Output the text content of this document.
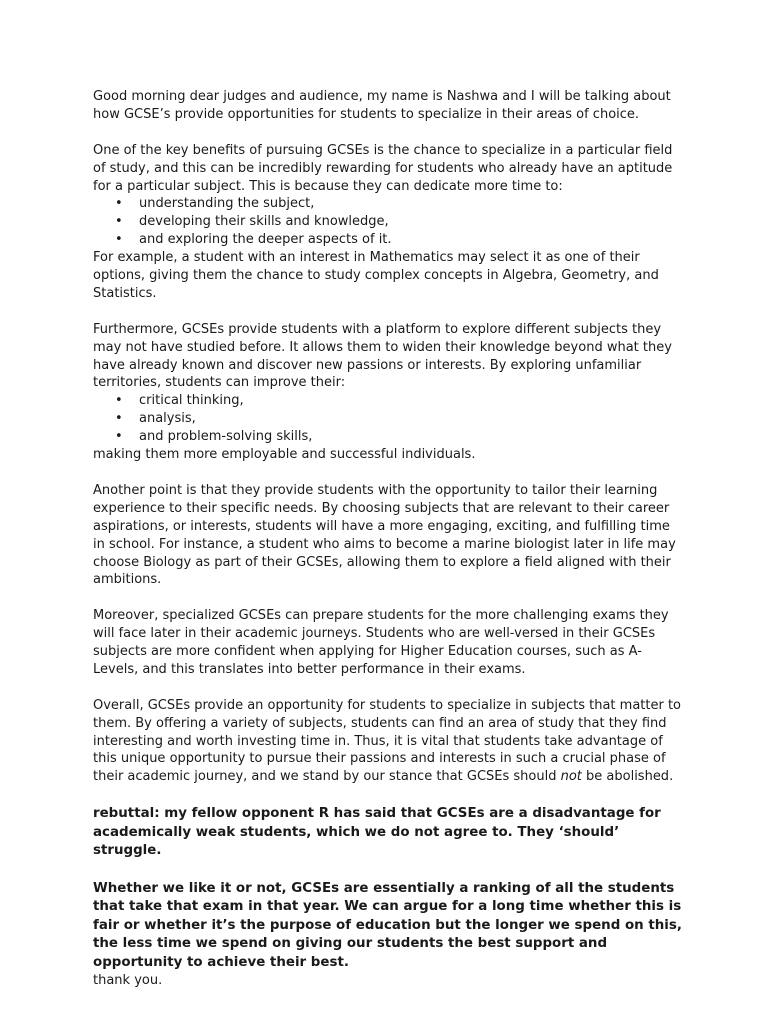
Good morning dear judges and audience, my name is Nashwa and I will be talking about how GCSE’s provide opportunities for students to specialize in their areas of choice.

One of the key benefits of pursuing GCSEs is the chance to specialize in a particular field of study, and this can be incredibly rewarding for students who already have an aptitude for a particular subject. This is because they can dedicate more time to:

• understanding the subject,
• developing their skills and knowledge,
• and exploring the deeper aspects of it.

For example, a student with an interest in Mathematics may select it as one of their options, giving them the chance to study complex concepts in Algebra, Geometry, and Statistics.

Furthermore, GCSEs provide students with a platform to explore different subjects they may not have studied before. It allows them to widen their knowledge beyond what they have already known and discover new passions or interests. By exploring unfamiliar territories, students can improve their:

• critical thinking,
• analysis,
• and problem-solving skills,

making them more employable and successful individuals.

Another point is that they provide students with the opportunity to tailor their learning experience to their specific needs. By choosing subjects that are relevant to their career aspirations, or interests, students will have a more engaging, exciting, and fulfilling time in school. For instance, a student who aims to become a marine biologist later in life may choose Biology as part of their GCSEs, allowing them to explore a field aligned with their ambitions.

Moreover, specialized GCSEs can prepare students for the more challenging exams they will face later in their academic journeys. Students who are well-versed in their GCSEs subjects are more confident when applying for Higher Education courses, such as A-Levels, and this translates into better performance in their exams.

Overall, GCSEs provide an opportunity for students to specialize in subjects that matter to them. By offering a variety of subjects, students can find an area of study that they find interesting and worth investing time in. Thus, it is vital that students take advantage of this unique opportunity to pursue their passions and interests in such a crucial phase of their academic journey, and we stand by our stance that GCSEs should not be abolished.

rebuttal: my fellow opponent R has said that GCSEs are a disadvantage for academically weak students, which we do not agree to. They ‘should’ struggle.

Whether we like it or not, GCSEs are essentially a ranking of all the students that take that exam in that year. We can argue for a long time whether this is fair or whether it’s the purpose of education but the longer we spend on this, the less time we spend on giving our students the best support and opportunity to achieve their best.

thank you.
